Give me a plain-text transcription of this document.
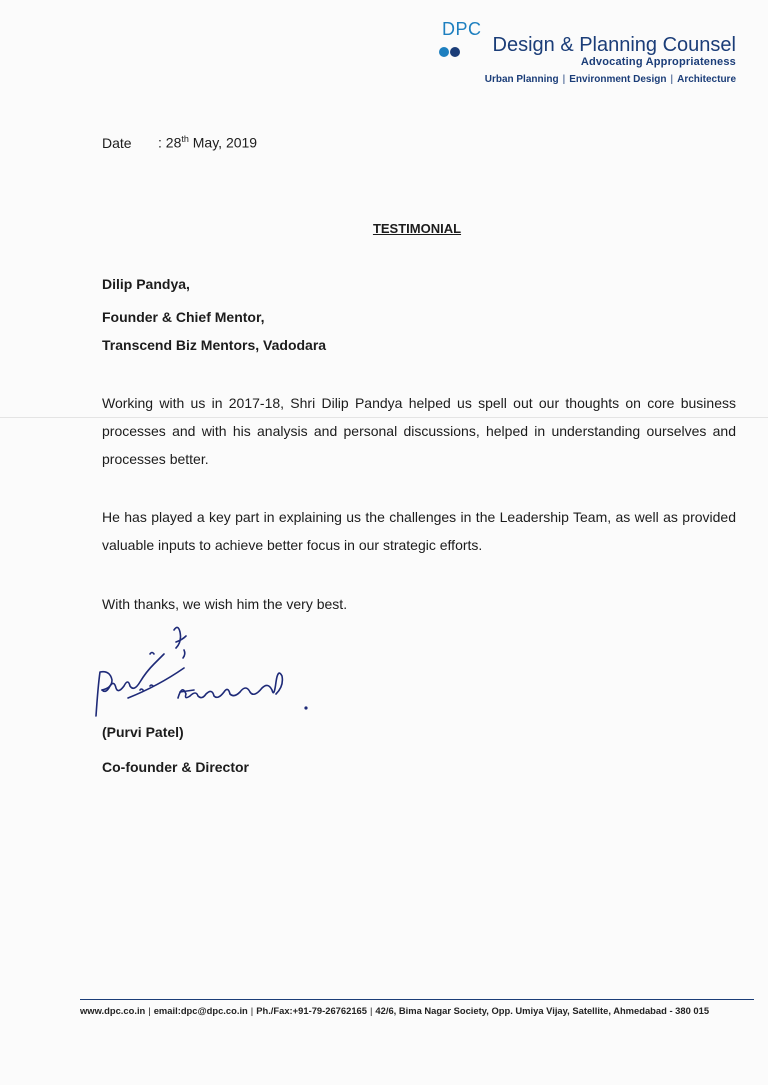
DPC
Design & Planning Counsel
Advocating Appropriateness
Urban Planning | Environment Design | Architecture
Date : 28th May, 2019
TESTIMONIAL
Dilip Pandya,
Founder & Chief Mentor,
Transcend Biz Mentors, Vadodara
Working with us in 2017-18, Shri Dilip Pandya helped us spell out our thoughts on core business processes and with his analysis and personal discussions, helped in understanding ourselves and processes better.
He has played a key part in explaining us the challenges in the Leadership Team, as well as provided valuable inputs to achieve better focus in our strategic efforts.
With thanks, we wish him the very best.
(Purvi Patel)
Co-founder & Director
www.dpc.co.in | email:dpc@dpc.co.in | Ph./Fax:+91-79-26762165 | 42/6, Bima Nagar Society, Opp. Umiya Vijay, Satellite, Ahmedabad - 380 015
